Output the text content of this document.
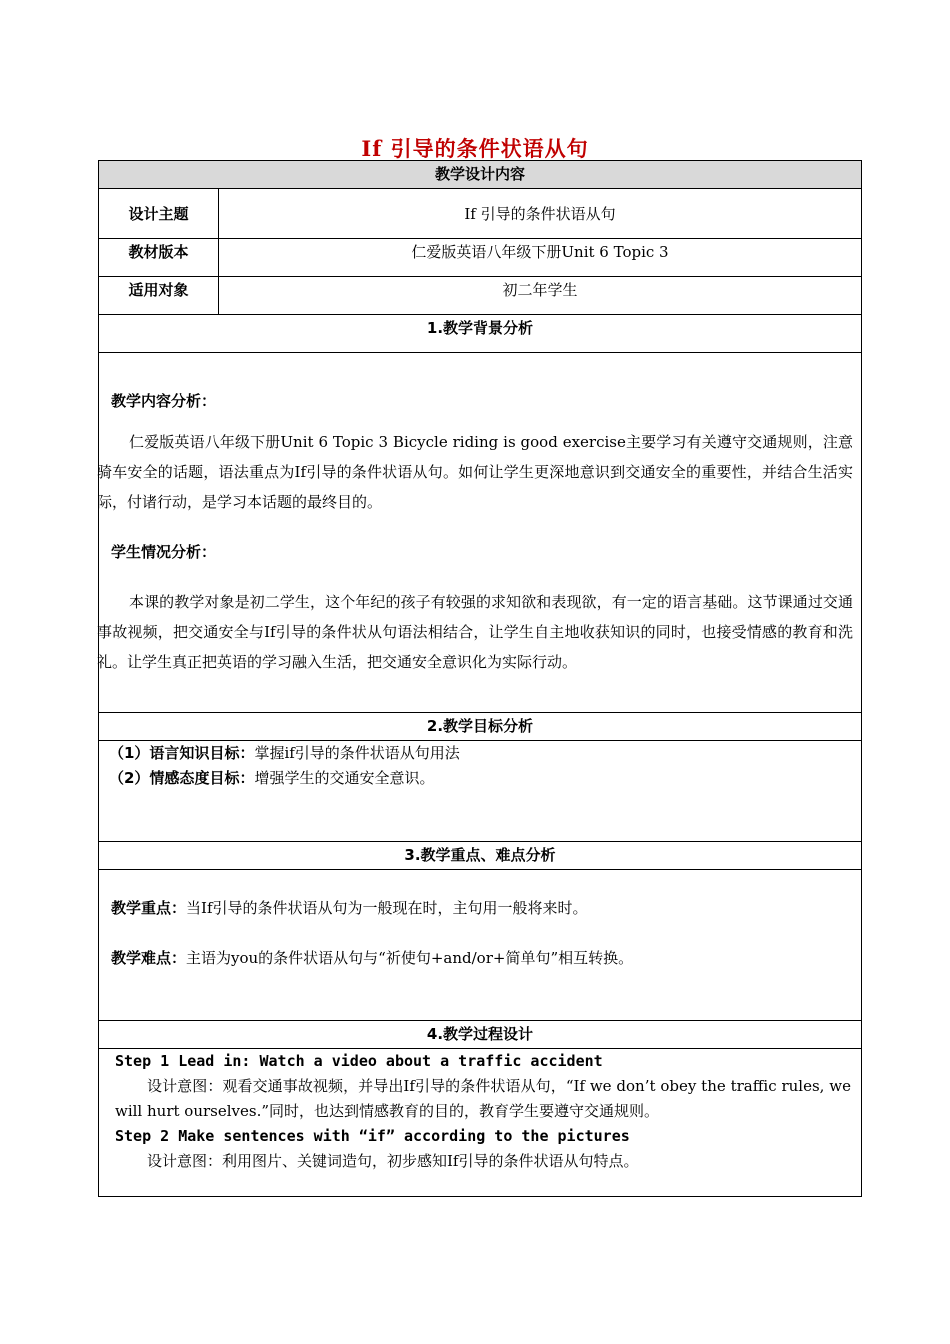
If 引导的条件状语从句
教学设计内容
设计主题	If 引导的条件状语从句
教材版本	仁爱版英语八年级下册Unit 6 Topic 3
适用对象	初二年学生
1.教学背景分析
教学内容分析：
仁爱版英语八年级下册Unit 6 Topic 3 Bicycle riding is good exercise主要学习有关遵守交通规则，注意骑车安全的话题，语法重点为If引导的条件状语从句。如何让学生更深地意识到交通安全的重要性，并结合生活实际，付诸行动，是学习本话题的最终目的。
学生情况分析：
本课的教学对象是初二学生，这个年纪的孩子有较强的求知欲和表现欲，有一定的语言基础。这节课通过交通事故视频，把交通安全与If引导的条件状从句语法相结合，让学生自主地收获知识的同时，也接受情感的教育和洗礼。让学生真正把英语的学习融入生活，把交通安全意识化为实际行动。
2.教学目标分析
（1）语言知识目标：掌握if引导的条件状语从句用法
（2）情感态度目标：增强学生的交通安全意识。
3.教学重点、难点分析
教学重点：当If引导的条件状语从句为一般现在时，主句用一般将来时。
教学难点：主语为you的条件状语从句与“祈使句+and/or+简单句”相互转换。
4.教学过程设计
Step 1 Lead in: Watch a video about a traffic accident
设计意图：观看交通事故视频，并导出If引导的条件状语从句，“If we don’t obey the traffic rules, we will hurt ourselves.”同时，也达到情感教育的目的，教育学生要遵守交通规则。
Step 2 Make sentences with “if” according to the pictures
设计意图：利用图片、关键词造句，初步感知If引导的条件状语从句特点。
